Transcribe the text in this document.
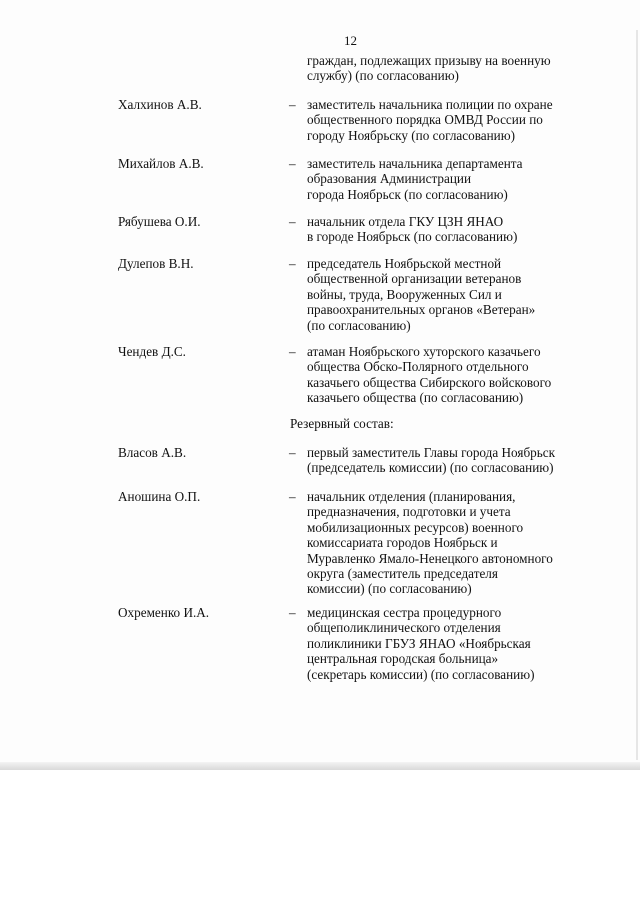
12
граждан, подлежащих призыву на военную
службу) (по согласованию)
Халхинов А.В.	– заместитель начальника полиции по охране
общественного порядка ОМВД России по
городу Ноябрьску (по согласованию)
Михайлов А.В.	– заместитель начальника департамента
образования Администрации
города Ноябрьск (по согласованию)
Рябушева О.И.	– начальник отдела ГКУ ЦЗН ЯНАО
в городе Ноябрьск (по согласованию)
Дулепов В.Н.	– председатель Ноябрьской местной
общественной организации ветеранов
войны, труда, Вооруженных Сил и
правоохранительных органов «Ветеран»
(по согласованию)
Чендев Д.С.	– атаман Ноябрьского хуторского казачьего
общества Обско-Полярного отдельного
казачьего общества Сибирского войскового
казачьего общества (по согласованию)
Резервный состав:
Власов А.В.	– первый заместитель Главы города Ноябрьск
(председатель комиссии) (по согласованию)
Аношина О.П.	– начальник отделения (планирования,
предназначения, подготовки и учета
мобилизационных ресурсов) военного
комиссариата городов Ноябрьск и
Муравленко Ямало-Ненецкого автономного
округа (заместитель председателя
комиссии) (по согласованию)
Охременко И.А.	– медицинская сестра процедурного
общеполиклинического отделения
поликлиники ГБУЗ ЯНАО «Ноябрьская
центральная городская больница»
(секретарь комиссии) (по согласованию)
